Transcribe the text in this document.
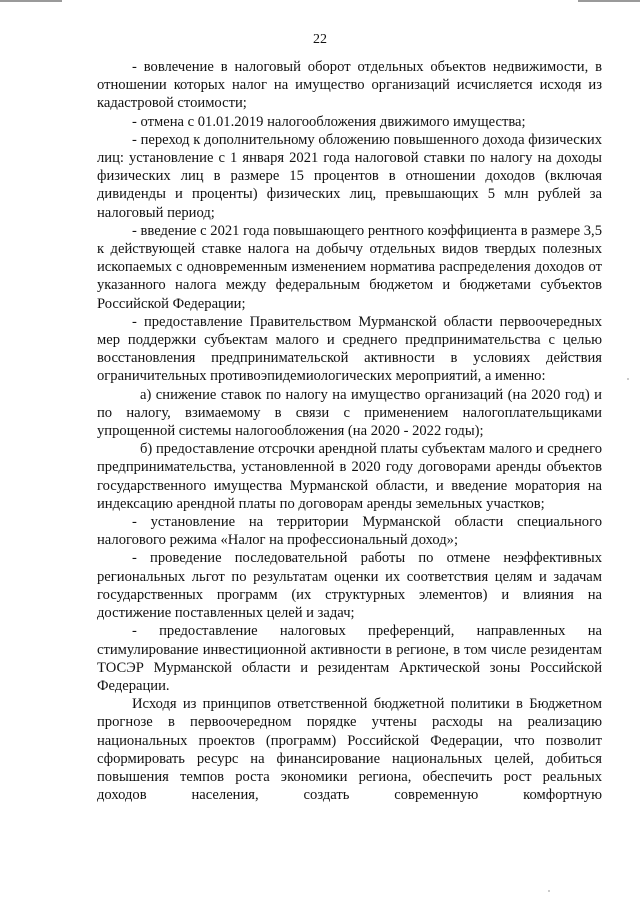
22

- вовлечение в налоговый оборот отдельных объектов недвижимости, в отношении которых налог на имущество организаций исчисляется исходя из кадастровой стоимости;

- отмена с 01.01.2019 налогообложения движимого имущества;

- переход к дополнительному обложению повышенного дохода физических лиц: установление с 1 января 2021 года налоговой ставки по налогу на доходы физических лиц в размере 15 процентов в отношении доходов (включая дивиденды и проценты) физических лиц, превышающих 5 млн рублей за налоговый период;

- введение с 2021 года повышающего рентного коэффициента в размере 3,5 к действующей ставке налога на добычу отдельных видов твердых полезных ископаемых с одновременным изменением норматива распределения доходов от указанного налога между федеральным бюджетом и бюджетами субъектов Российской Федерации;

- предоставление Правительством Мурманской области первоочередных мер поддержки субъектам малого и среднего предпринимательства с целью восстановления предпринимательской активности в условиях действия ограничительных противоэпидемиологических мероприятий, а именно:

а) снижение ставок по налогу на имущество организаций (на 2020 год) и по налогу, взимаемому в связи с применением налогоплательщиками упрощенной системы налогообложения (на 2020 - 2022 годы);

б) предоставление отсрочки арендной платы субъектам малого и среднего предпринимательства, установленной в 2020 году договорами аренды объектов государственного имущества Мурманской области, и введение моратория на индексацию арендной платы по договорам аренды земельных участков;

- установление на территории Мурманской области специального налогового режима «Налог на профессиональный доход»;

- проведение последовательной работы по отмене неэффективных региональных льгот по результатам оценки их соответствия целям и задачам государственных программ (их структурных элементов) и влияния на достижение поставленных целей и задач;

- предоставление налоговых преференций, направленных на стимулирование инвестиционной активности в регионе, в том числе резидентам ТОСЭР Мурманской области и резидентам Арктической зоны Российской Федерации.

Исходя из принципов ответственной бюджетной политики в Бюджетном прогнозе в первоочередном порядке учтены расходы на реализацию национальных проектов (программ) Российской Федерации, что позволит сформировать ресурс на финансирование национальных целей, добиться повышения темпов роста экономики региона, обеспечить рост реальных доходов населения, создать современную комфортную
